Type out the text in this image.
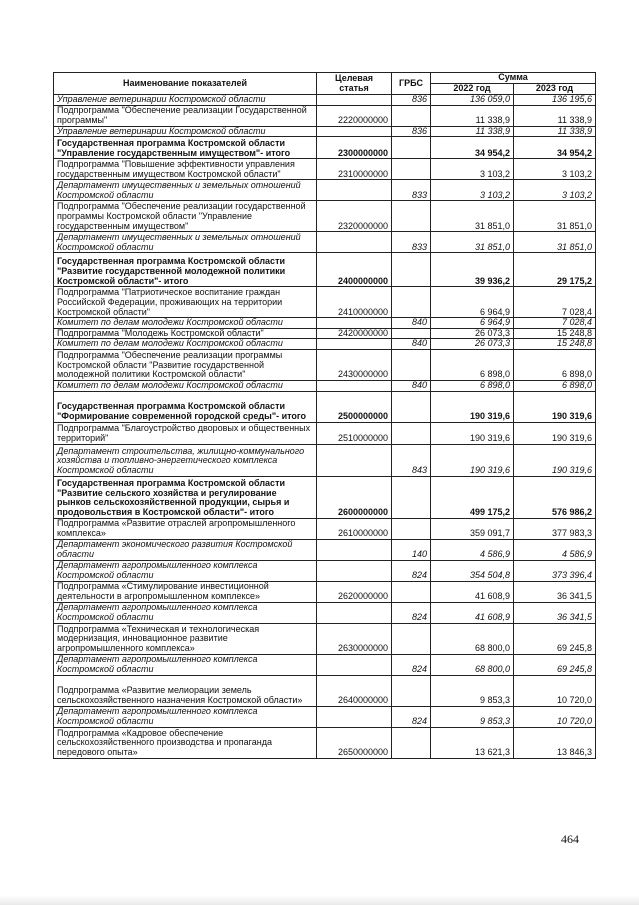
Наименование показателей	Целевая статья	ГРБС	Сумма	
			2022 год	2023 год
Управление ветеринарии Костромской области		836	136 059,0	136 195,6
Подпрограмма "Обеспечение реализации Государственной программы"	2220000000		11 338,9	11 338,9
Управление ветеринарии Костромской области		836	11 338,9	11 338,9
Государственная программа Костромской области "Управление государственным имуществом"- итого	2300000000		34 954,2	34 954,2
Подпрограмма "Повышение эффективности управления государственным имуществом Костромской области"	2310000000		3 103,2	3 103,2
Департамент имущественных и земельных отношений Костромской области		833	3 103,2	3 103,2
Подпрограмма "Обеспечение реализации государственной программы Костромской области "Управление государственным имуществом"	2320000000		31 851,0	31 851,0
Департамент имущественных и земельных отношений Костромской области		833	31 851,0	31 851,0
Государственная программа Костромской области "Развитие государственной молодежной политики Костромской области"- итого	2400000000		39 936,2	29 175,2
Подпрограмма "Патриотическое воспитание граждан Российской Федерации, проживающих на территории Костромской области"	2410000000		6 964,9	7 028,4
Комитет по делам молодежи Костромской области		840	6 964,9	7 028,4
Подпрограмма "Молодежь Костромской области"	2420000000		26 073,3	15 248,8
Комитет по делам молодежи Костромской области		840	26 073,3	15 248,8
Подпрограмма "Обеспечение реализации программы Костромской области "Развитие государственной молодежной политики Костромской области"	2430000000		6 898,0	6 898,0
Комитет по делам молодежи Костромской области		840	6 898,0	6 898,0
Государственная программа Костромской области "Формирование современной городской среды"- итого	2500000000		190 319,6	190 319,6
Подпрограмма "Благоустройство дворовых и общественных территорий"	2510000000		190 319,6	190 319,6
Департамент строительства, жилищно-коммунального хозяйства и топливно-энергетического комплекса Костромской области		843	190 319,6	190 319,6
Государственная программа Костромской области "Развитие сельского хозяйства и регулирование рынков сельскохозяйственной продукции, сырья и продовольствия в Костромской области"- итого	2600000000		499 175,2	576 986,2
Подпрограмма «Развитие отраслей агропромышленного комплекса»	2610000000		359 091,7	377 983,3
Департамент экономического развития Костромской области		140	4 586,9	4 586,9
Департамент агропромышленного комплекса Костромской области		824	354 504,8	373 396,4
Подпрограмма «Стимулирование инвестиционной деятельности в агропромышленном комплексе»	2620000000		41 608,9	36 341,5
Департамент агропромышленного комплекса Костромской области		824	41 608,9	36 341,5
Подпрограмма «Техническая и технологическая модернизация, инновационное развитие агропромышленного комплекса»	2630000000		68 800,0	69 245,8
Департамент агропромышленного комплекса Костромской области		824	68 800,0	69 245,8
Подпрограмма «Развитие мелиорации земель сельскохозяйственного назначения Костромской области»	2640000000		9 853,3	10 720,0
Департамент агропромышленного комплекса Костромской области		824	9 853,3	10 720,0
Подпрограмма «Кадровое обеспечение сельскохозяйственного производства и пропаганда передового опыта»	2650000000		13 621,3	13 846,3
464
